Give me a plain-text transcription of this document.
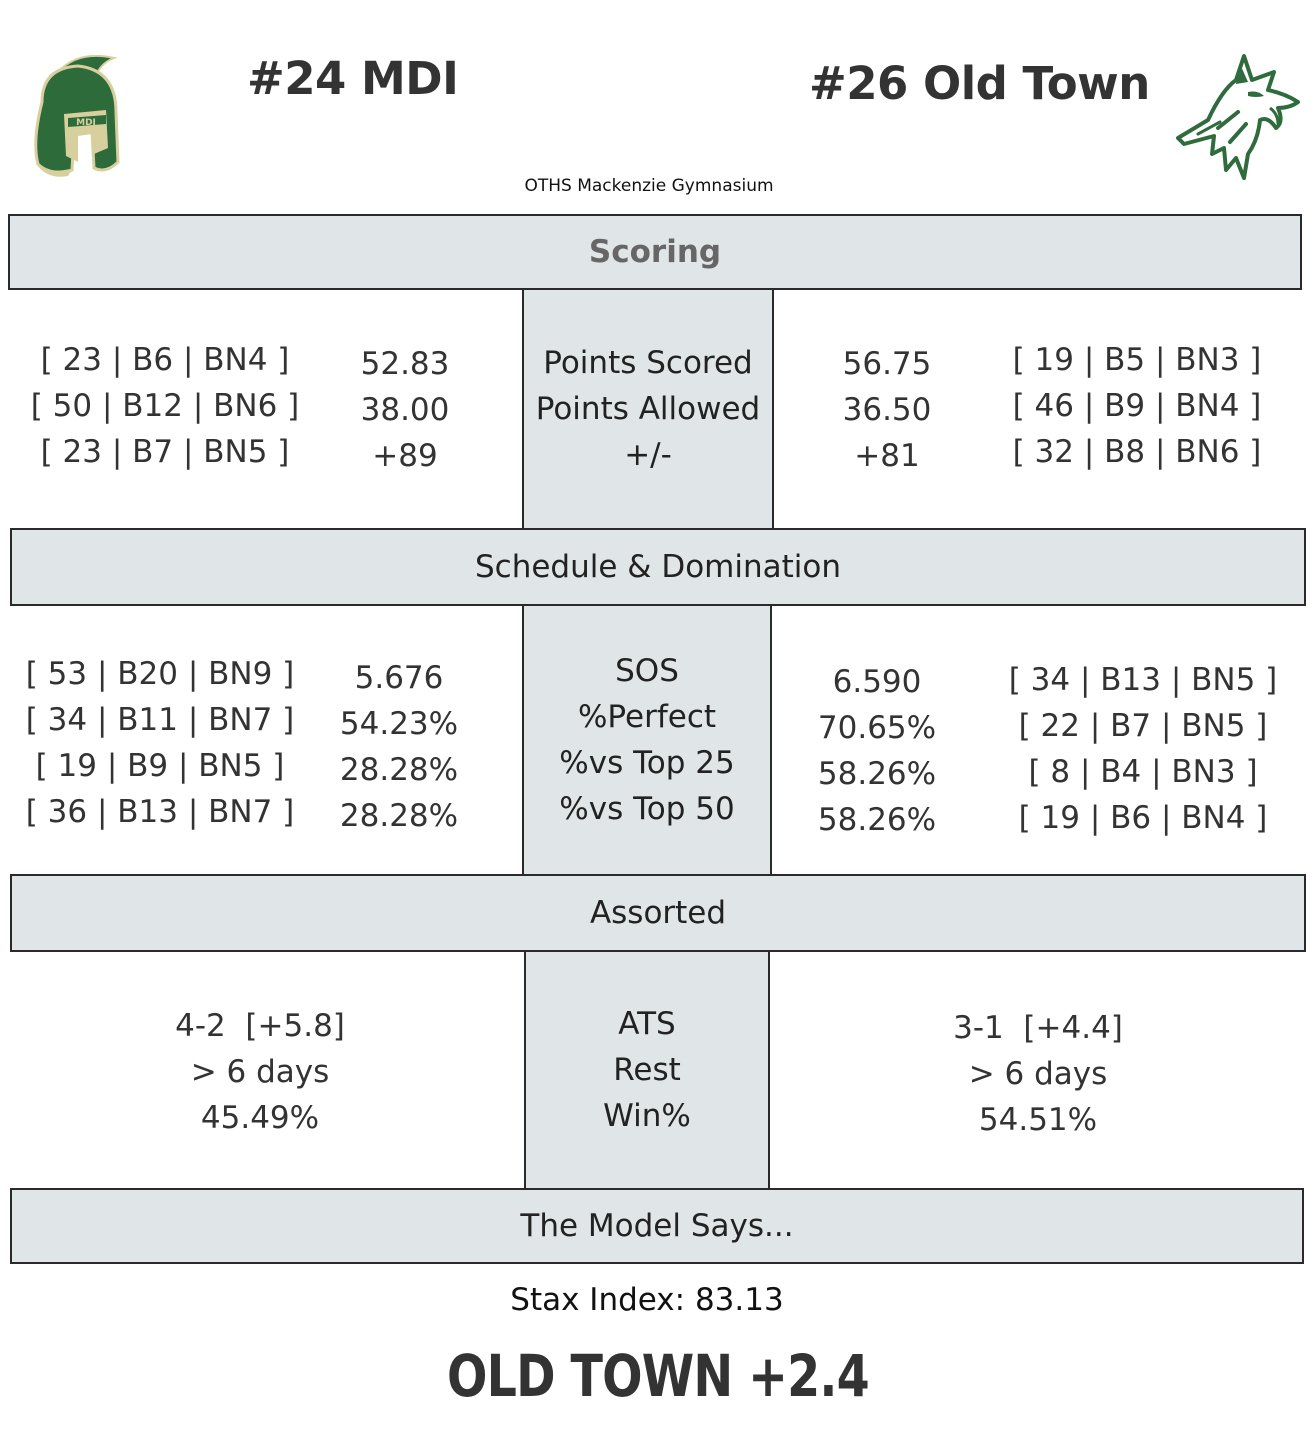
MDI
#24 MDI	#26 Old Town
OTHS Mackenzie Gymnasium
Scoring
[ 23 | B6 | BN4 ]
[ 50 | B12 | BN6 ]
[ 23 | B7 | BN5 ]
52.83
38.00
+89
Points Scored
Points Allowed
+/-
56.75
36.50
+81
[ 19 | B5 | BN3 ]
[ 46 | B9 | BN4 ]
[ 32 | B8 | BN6 ]
Schedule & Domination
[ 53 | B20 | BN9 ]
[ 34 | B11 | BN7 ]
[ 19 | B9 | BN5 ]
[ 36 | B13 | BN7 ]
5.676
54.23%
28.28%
28.28%
SOS
%Perfect
%vs Top 25
%vs Top 50
6.590
70.65%
58.26%
58.26%
[ 34 | B13 | BN5 ]
[ 22 | B7 | BN5 ]
[ 8 | B4 | BN3 ]
[ 19 | B6 | BN4 ]
Assorted
4-2  [+5.8]
> 6 days
45.49%
ATS
Rest
Win%
3-1  [+4.4]
> 6 days
54.51%
The Model Says...
Stax Index: 83.13
OLD TOWN +2.4
